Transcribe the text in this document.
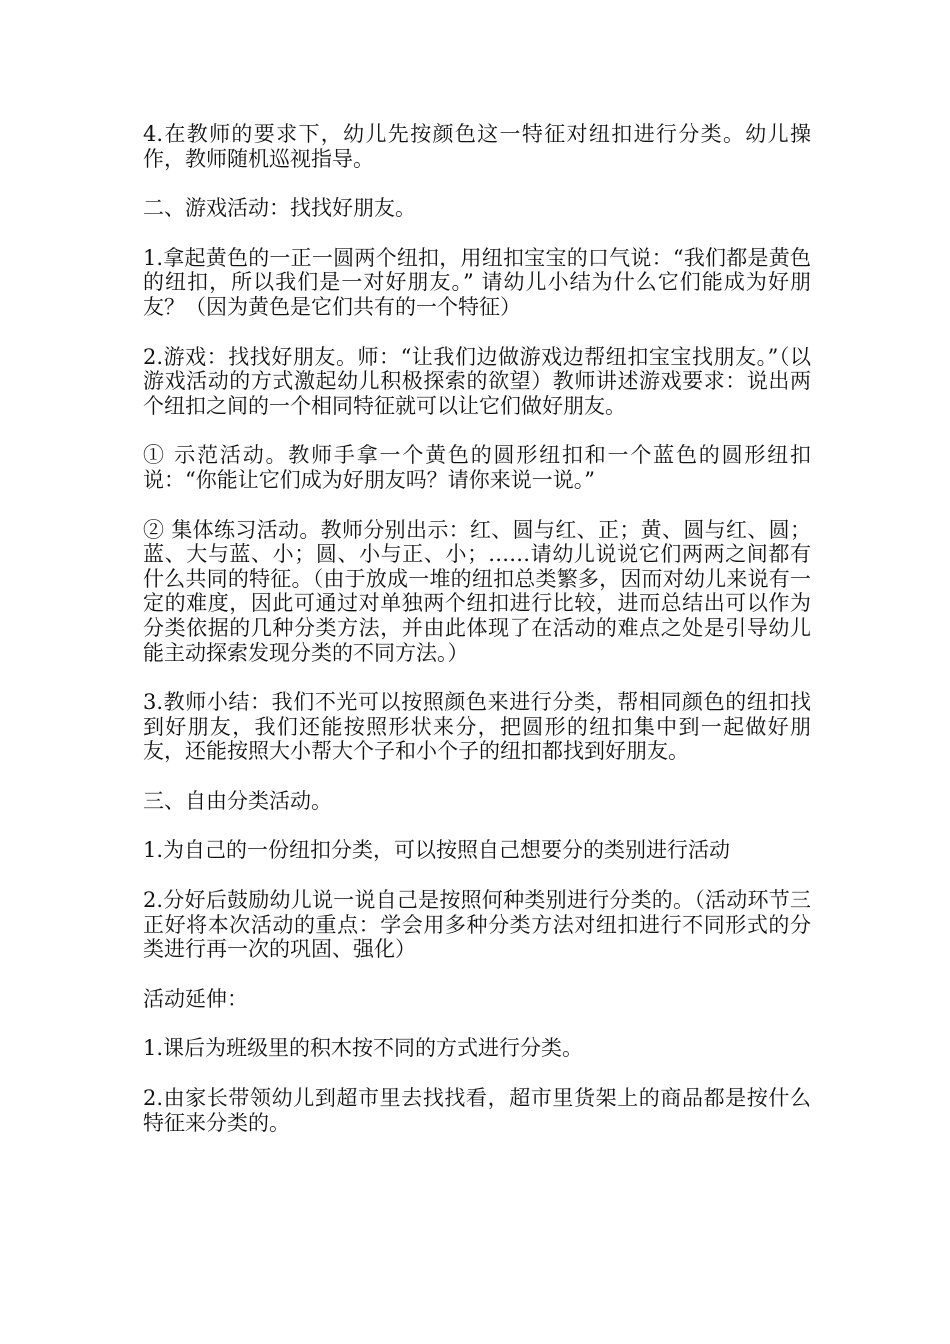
4.在教师的要求下，幼儿先按颜色这一特征对纽扣进行分类。幼儿操作，教师随机巡视指导。

二、游戏活动：找找好朋友。

1.拿起黄色的一正一圆两个纽扣，用纽扣宝宝的口气说：“我们都是黄色的纽扣，所以我们是一对好朋友。” 请幼儿小结为什么它们能成为好朋友？（因为黄色是它们共有的一个特征）

2.游戏：找找好朋友。师：“让我们边做游戏边帮纽扣宝宝找朋友。”（以游戏活动的方式激起幼儿积极探索的欲望）教师讲述游戏要求：说出两个纽扣之间的一个相同特征就可以让它们做好朋友。

① 示范活动。教师手拿一个黄色的圆形纽扣和一个蓝色的圆形纽扣说：“你能让它们成为好朋友吗？请你来说一说。”

② 集体练习活动。教师分别出示：红、圆与红、正；黄、圆与红、圆；蓝、大与蓝、小；圆、小与正、小；……请幼儿说说它们两两之间都有什么共同的特征。（由于放成一堆的纽扣总类繁多，因而对幼儿来说有一定的难度，因此可通过对单独两个纽扣进行比较，进而总结出可以作为分类依据的几种分类方法，并由此体现了在活动的难点之处是引导幼儿能主动探索发现分类的不同方法。）

3.教师小结：我们不光可以按照颜色来进行分类，帮相同颜色的纽扣找到好朋友，我们还能按照形状来分，把圆形的纽扣集中到一起做好朋友，还能按照大小帮大个子和小个子的纽扣都找到好朋友。

三、自由分类活动。

1.为自己的一份纽扣分类，可以按照自己想要分的类别进行活动

2.分好后鼓励幼儿说一说自己是按照何种类别进行分类的。（活动环节三正好将本次活动的重点：学会用多种分类方法对纽扣进行不同形式的分类进行再一次的巩固、强化）

活动延伸：

1.课后为班级里的积木按不同的方式进行分类。

2.由家长带领幼儿到超市里去找找看，超市里货架上的商品都是按什么特征来分类的。
